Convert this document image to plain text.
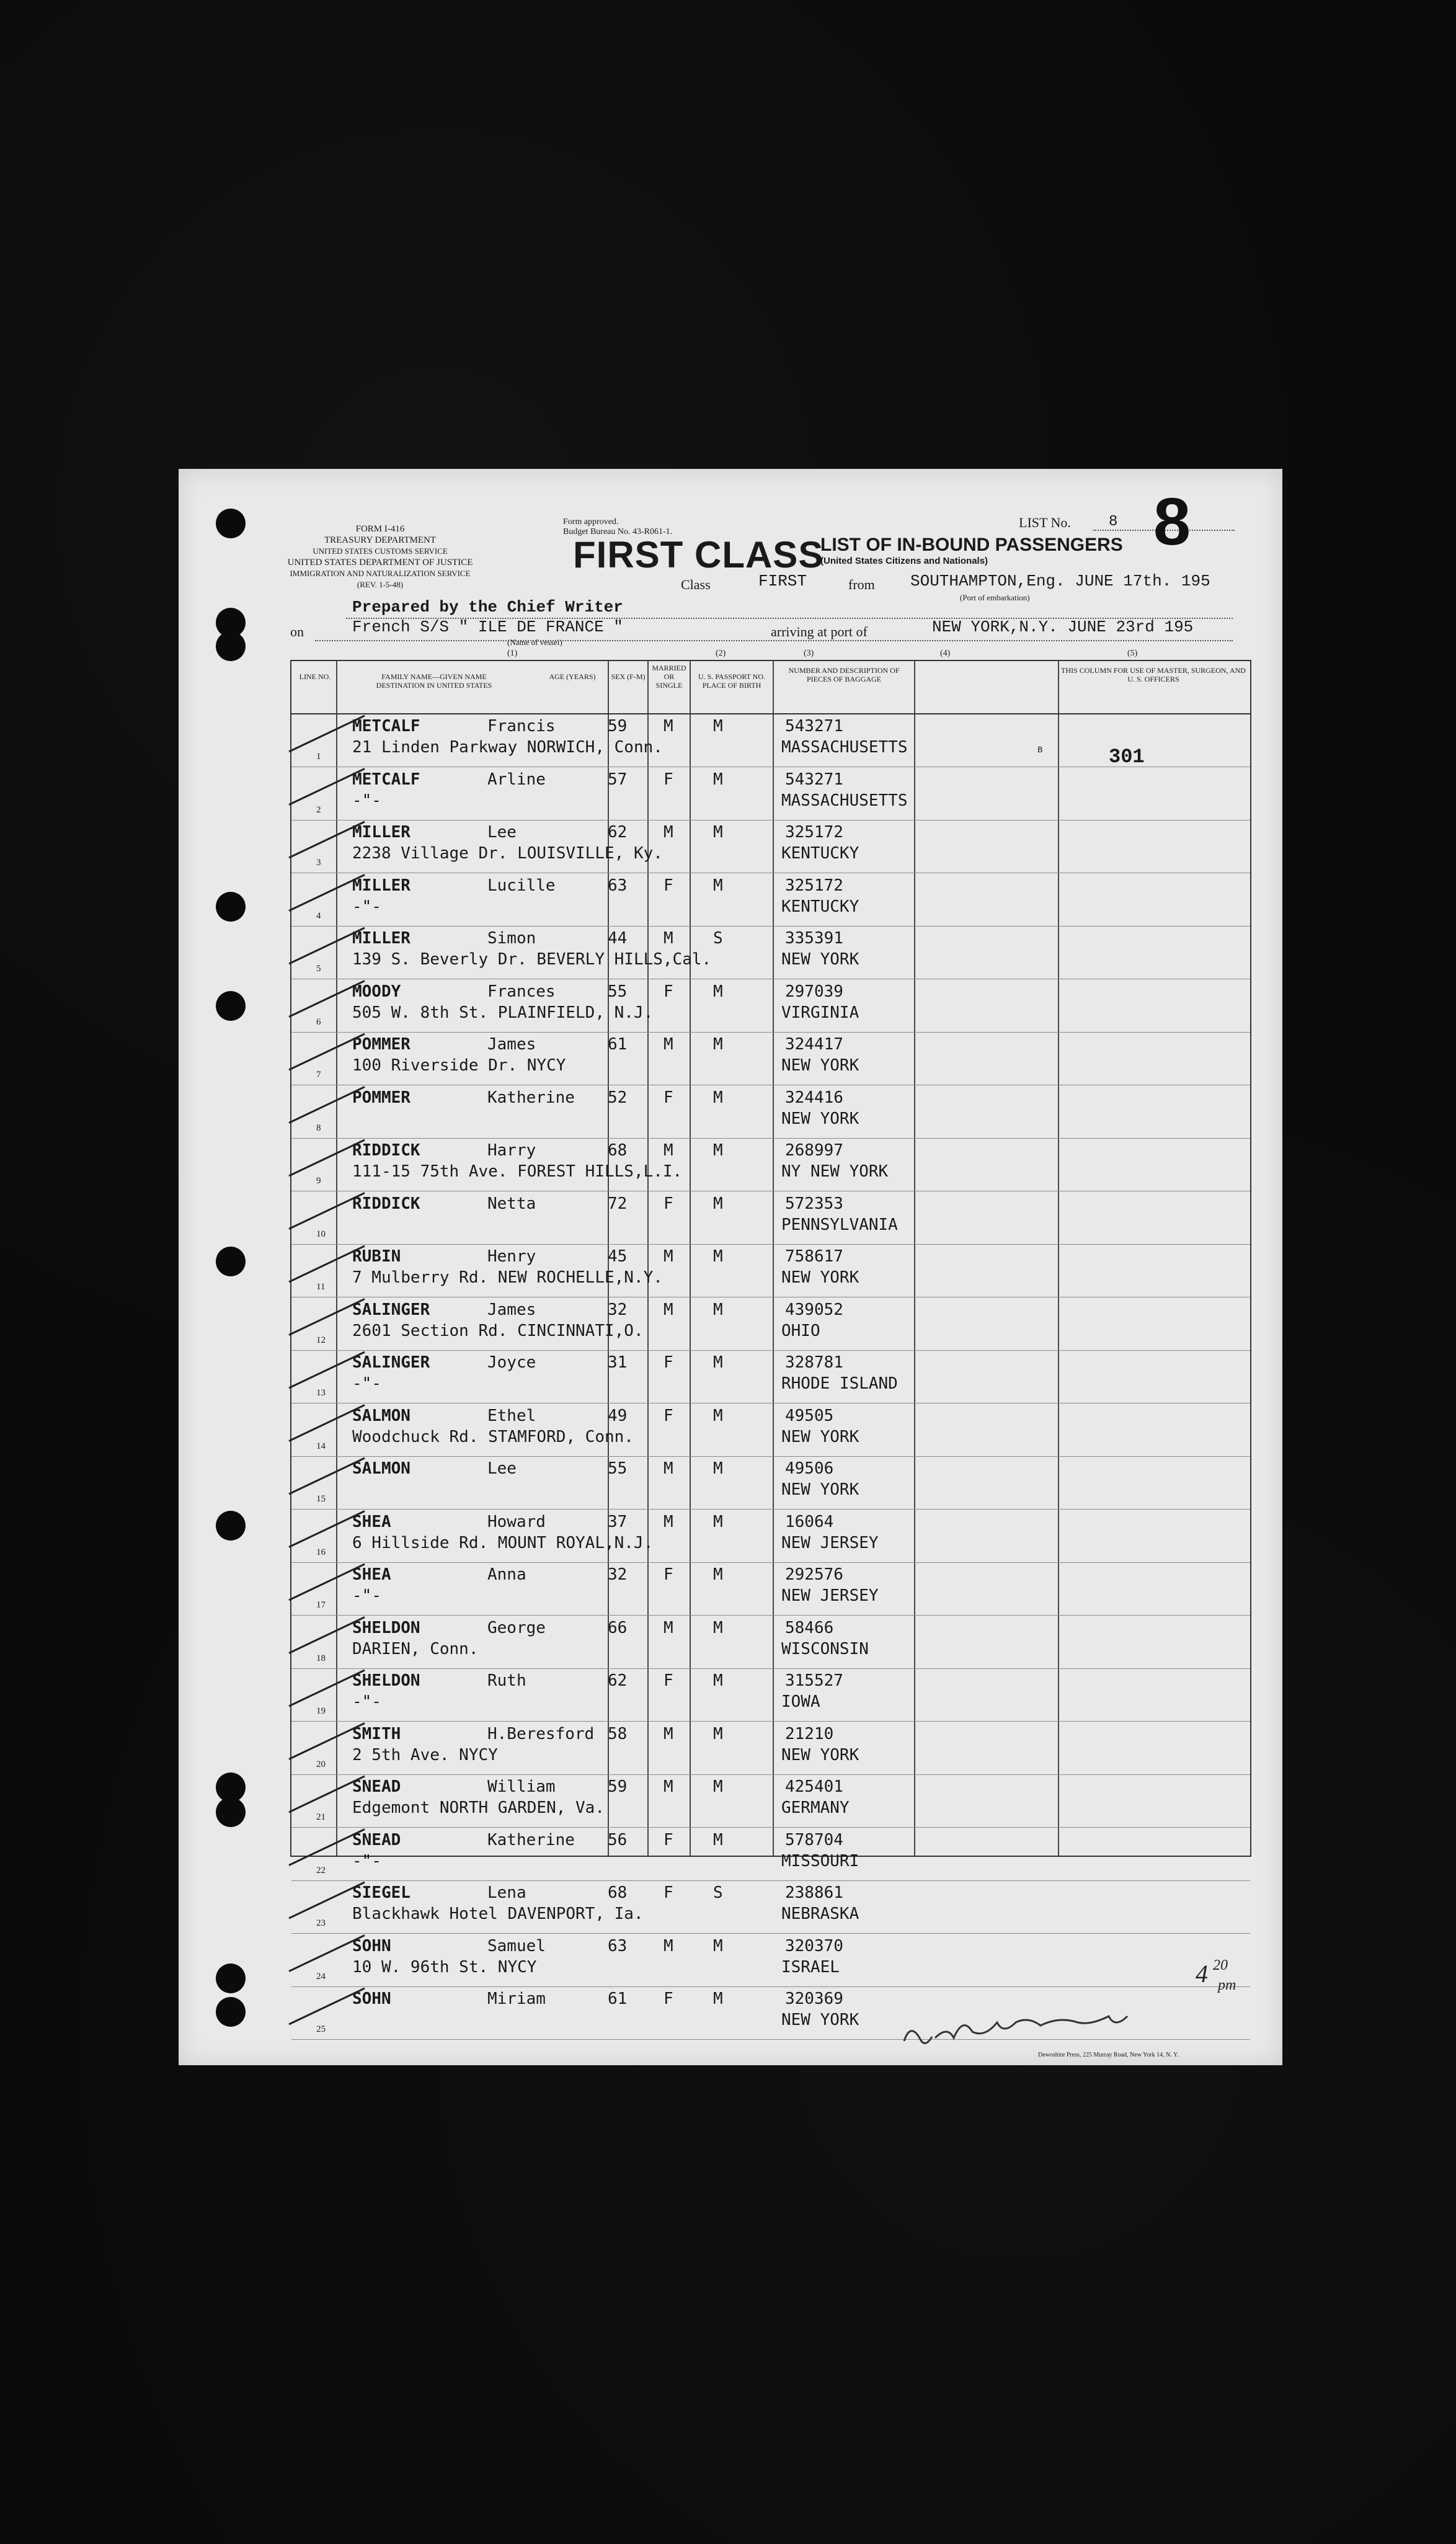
FORM I-416
TREASURY DEPARTMENT
UNITED STATES CUSTOMS SERVICE
UNITED STATES DEPARTMENT OF JUSTICE
IMMIGRATION AND NATURALIZATION SERVICE
(REV. 1-5-48)
Form approved.
Budget Bureau No. 43-R061-1.
FIRST CLASS
LIST OF IN-BOUND PASSENGERS
(United States Citizens and Nationals)
LIST No.	8 8
Class	FIRST	from SOUTHAMPTON,Eng. JUNE 17th. 195
(Port of embarkation)
Prepared by the Chief Writer
on	French S/S " ILE DE FRANCE "
(Name of vessel)
arriving at port of	NEW YORK,N.Y. JUNE 23rd 195
(1)	(2)	(3)	(4)	(5)
LINE NO.	FAMILY NAME—GIVEN NAME
DESTINATION IN UNITED STATES
AGE (YEARS)	SEX (F-M)
MARRIED OR SINGLE
U. S. PASSPORT NO.
PLACE OF BIRTH
NUMBER AND DESCRIPTION OF PIECES OF BAGGAGE
THIS COLUMN FOR USE OF MASTER, SURGEON, AND U. S. OFFICERS
1
METCALF	Francis	59 M M	543271
21 Linden Parkway NORWICH, Conn.	MASSACHUSETTS
2
METCALF	Arline	57 F M	543271
-"-	MASSACHUSETTS
3
MILLER	Lee	62 M M	325172
2238 Village Dr. LOUISVILLE, Ky.	KENTUCKY
4
MILLER	Lucille	63 F M	325172
-"-	KENTUCKY
5
MILLER	Simon	44 M S	335391
139 S. Beverly Dr. BEVERLY HILLS,Cal.	NEW YORK
6
MOODY	Frances	55 F M	297039
505 W. 8th St. PLAINFIELD, N.J.	VIRGINIA
7
POMMER	James	61 M M	324417
100 Riverside Dr. NYCY	NEW YORK
8
POMMER	Katherine 52 F M	324416
NEW YORK
9
RIDDICK	Harry	68 M M	268997
111-15 75th Ave. FOREST HILLS,L.I.	NY NEW YORK
10
RIDDICK	Netta	72 F M	572353
PENNSYLVANIA
11
RUBIN	Henry	45 M M	758617
7 Mulberry Rd. NEW ROCHELLE,N.Y.	NEW YORK
12
SALINGER	James	32 M M	439052
2601 Section Rd. CINCINNATI,O.	OHIO
13
SALINGER	Joyce	31 F M	328781
-"-	RHODE ISLAND
14
SALMON	Ethel	49 F M	49505
Woodchuck Rd. STAMFORD, Conn.	NEW YORK
15
SALMON	Lee	55 M M	49506
NEW YORK
16
SHEA	Howard	37 M M	16064
6 Hillside Rd. MOUNT ROYAL,N.J.	NEW JERSEY
17
SHEA	Anna	32 F M	292576
-"-	NEW JERSEY
18
SHELDON	George	66 M M	58466
DARIEN, Conn.	WISCONSIN
19
SHELDON	Ruth	62 F M	315527
-"-	IOWA
20
SMITH	H.Beresford 58 M M	21210
2 5th Ave. NYCY	NEW YORK
21
SNEAD	William	59 M M	425401
Edgemont NORTH GARDEN, Va.	GERMANY
22
SNEAD	Katherine 56 F M	578704
-"-	MISSOURI
23
SIEGEL	Lena	68 F S	238861
Blackhawk Hotel DAVENPORT, Ia.	NEBRASKA
24
SOHN	Samuel	63 M M	320370
10 W. 96th St. NYCY	ISRAEL
25
SOHN	Miriam	61 F M	320369
NEW YORK
B	301
Dewoshire Press, 225 Murray Road, New York 14, N. Y.
4 20
pm
